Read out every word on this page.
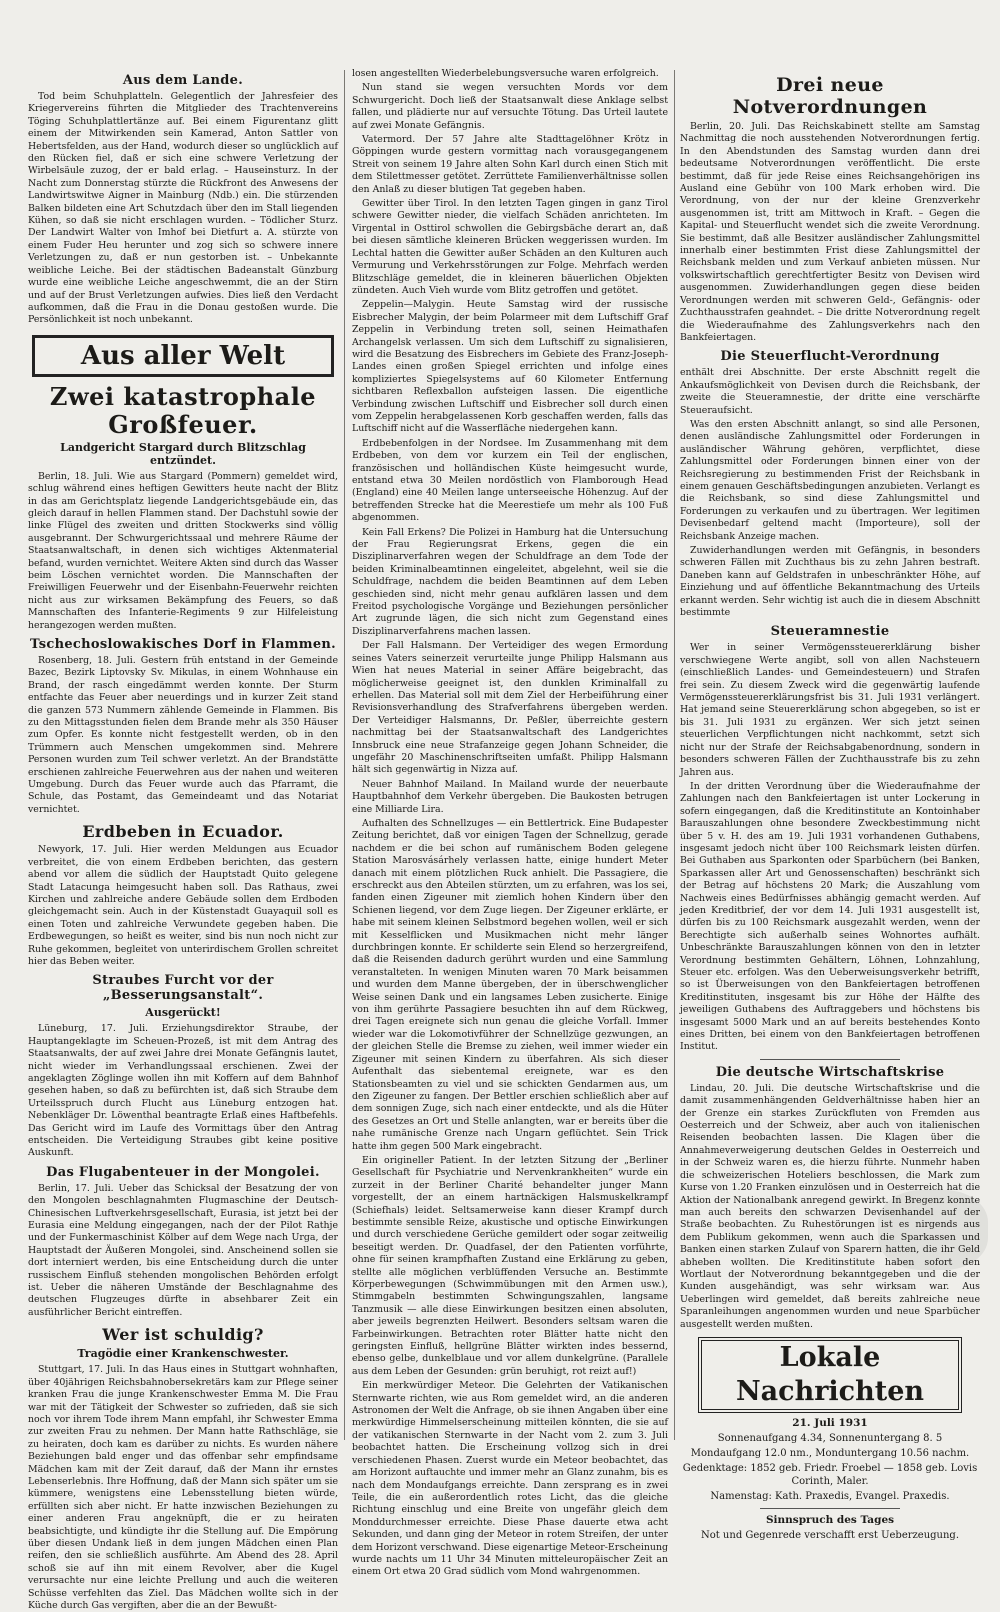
Aus dem Lande.

Tod beim Schuhplatteln. Gelegentlich der Jahresfeier des Kriegervereins führten die Mitglieder des Trachtenvereins Töging Schuhplattlertänze auf. Bei einem Figurentanz glitt einem der Mitwirkenden sein Kamerad, Anton Sattler von Hebertsfelden, aus der Hand, wodurch dieser so unglücklich auf den Rücken fiel, daß er sich eine schwere Verletzung der Wirbelsäule zuzog, der er bald erlag. – Hauseinsturz. In der Nacht zum Donnerstag stürzte die Rückfront des Anwesens der Landwirtswitwe Aigner in Mainburg (Ndb.) ein. Die stürzenden Balken bildeten eine Art Schutzdach über den im Stall liegenden Kühen, so daß sie nicht erschlagen wurden. – Tödlicher Sturz. Der Landwirt Walter von Imhof bei Dietfurt a. A. stürzte von einem Fuder Heu herunter und zog sich so schwere innere Verletzungen zu, daß er nun gestorben ist. – Unbekannte weibliche Leiche. Bei der städtischen Badeanstalt Günzburg wurde eine weibliche Leiche angeschwemmt, die an der Stirn und auf der Brust Verletzungen aufwies. Dies ließ den Verdacht aufkommen, daß die Frau in die Donau gestoßen wurde. Die Persönlichkeit ist noch unbekannt.

Aus aller Welt
Zwei katastrophale Großfeuer.
Landgericht Stargard durch Blitzschlag entzündet.

Berlin, 18. Juli. Wie aus Stargard (Pommern) gemeldet wird, schlug während eines heftigen Gewitters heute nacht der Blitz in das am Gerichtsplatz liegende Landgerichtsgebäude ein, das gleich darauf in hellen Flammen stand. Der Dachstuhl sowie der linke Flügel des zweiten und dritten Stockwerks sind völlig ausgebrannt. Der Schwurgerichtssaal und mehrere Räume der Staatsanwaltschaft, in denen sich wichtiges Aktenmaterial befand, wurden vernichtet. Weitere Akten sind durch das Wasser beim Löschen vernichtet worden. Die Mannschaften der Freiwilligen Feuerwehr und der Eisenbahn-Feuerwehr reichten nicht aus zur wirksamen Bekämpfung des Feuers, so daß Mannschaften des Infanterie-Regiments 9 zur Hilfeleistung herangezogen werden mußten.

Tschechoslowakisches Dorf in Flammen.

Rosenberg, 18. Juli. Gestern früh entstand in der Gemeinde Bazec, Bezirk Liptovsky Sv. Mikulas, in einem Wohnhause ein Brand, der rasch eingedämmt werden konnte. Der Sturm entfachte das Feuer aber neuerdings und in kurzer Zeit stand die ganzen 573 Nummern zählende Gemeinde in Flammen. Bis zu den Mittagsstunden fielen dem Brande mehr als 350 Häuser zum Opfer. Es konnte nicht festgestellt werden, ob in den Trümmern auch Menschen umgekommen sind. Mehrere Personen wurden zum Teil schwer verletzt. An der Brandstätte erschienen zahlreiche Feuerwehren aus der nahen und weiteren Umgebung. Durch das Feuer wurde auch das Pfarramt, die Schule, das Postamt, das Gemeindeamt und das Notariat vernichtet.

Erdbeben in Ecuador.

Newyork, 17. Juli. Hier werden Meldungen aus Ecuador verbreitet, die von einem Erdbeben berichten, das gestern abend vor allem die südlich der Hauptstadt Quito gelegene Stadt Latacunga heimgesucht haben soll. Das Rathaus, zwei Kirchen und zahlreiche andere Gebäude sollen dem Erdboden gleichgemacht sein. Auch in der Küstenstadt Guayaquil soll es einen Toten und zahlreiche Verwundete gegeben haben. Die Erdbewegungen, so heißt es weiter, sind bis nun noch nicht zur Ruhe gekommen, begleitet von unterirdischem Grollen schreitet hier das Beben weiter.

Straubes Furcht vor der „Besserungsanstalt“.
Ausgerückt!

Lüneburg, 17. Juli. Erziehungsdirektor Straube, der Hauptangeklagte im Scheuen-Prozeß, ist mit dem Antrag des Staatsanwalts, der auf zwei Jahre drei Monate Gefängnis lautet, nicht wieder im Verhandlungssaal erschienen. Zwei der angeklagten Zöglinge wollen ihn mit Koffern auf dem Bahnhof gesehen haben, so daß zu befürchten ist, daß sich Straube dem Urteilsspruch durch Flucht aus Lüneburg entzogen hat. Nebenkläger Dr. Löwenthal beantragte Erlaß eines Haftbefehls. Das Gericht wird im Laufe des Vormittags über den Antrag entscheiden. Die Verteidigung Straubes gibt keine positive Auskunft.

Das Flugabenteuer in der Mongolei.

Berlin, 17. Juli. Ueber das Schicksal der Besatzung der von den Mongolen beschlagnahmten Flugmaschine der Deutsch-Chinesischen Luftverkehrsgesellschaft, Eurasia, ist jetzt bei der Eurasia eine Meldung eingegangen, nach der der Pilot Rathje und der Funkermaschinist Kölber auf dem Wege nach Urga, der Hauptstadt der Äußeren Mongolei, sind. Anscheinend sollen sie dort interniert werden, bis eine Entscheidung durch die unter russischem Einfluß stehenden mongolischen Behörden erfolgt ist. Ueber die näheren Umstände der Beschlagnahme des deutschen Flugzeuges dürfte in absehbarer Zeit ein ausführlicher Bericht eintreffen.

Wer ist schuldig?
Tragödie einer Krankenschwester.

Stuttgart, 17. Juli. In das Haus eines in Stuttgart wohnhaften, über 40jährigen Reichsbahnobersekretärs kam zur Pflege seiner kranken Frau die junge Krankenschwester Emma M. Die Frau war mit der Tätigkeit der Schwester so zufrieden, daß sie sich noch vor ihrem Tode ihrem Mann empfahl, ihr Schwester Emma zur zweiten Frau zu nehmen. Der Mann hatte Rathschläge, sie zu heiraten, doch kam es darüber zu nichts. Es wurden nähere Beziehungen bald enger und das offenbar sehr empfindsame Mädchen kam mit der Zeit darauf, daß der Mann ihr ernstes Lebenserlebnis. Ihre Hoffnung, daß der Mann sich später um sie kümmere, wenigstens eine Lebensstellung bieten würde, erfüllten sich aber nicht. Er hatte inzwischen Beziehungen zu einer anderen Frau angeknüpft, die er zu heiraten beabsichtigte, und kündigte ihr die Stellung auf. Die Empörung über diesen Undank ließ in dem jungen Mädchen einen Plan reifen, den sie schließlich ausführte. Am Abend des 28. April schoß sie auf ihn mit einem Revolver, aber die Kugel verursachte nur eine leichte Prellung und auch die weiteren Schüsse verfehlten das Ziel. Das Mädchen wollte sich in der Küche durch Gas vergiften, aber die an der Bewußt-

losen angestellten Wiederbelebungsversuche waren erfolgreich.

Nun stand sie wegen versuchten Mords vor dem Schwurgericht. Doch ließ der Staatsanwalt diese Anklage selbst fallen, und plädierte nur auf versuchte Tötung. Das Urteil lautete auf zwei Monate Gefängnis.

Vatermord. Der 57 Jahre alte Stadttagelöhner Krötz in Göppingen wurde gestern vormittag nach vorausgegangenem Streit von seinem 19 Jahre alten Sohn Karl durch einen Stich mit dem Stilettmesser getötet. Zerrüttete Familienverhältnisse sollen den Anlaß zu dieser blutigen Tat gegeben haben.

Gewitter über Tirol. In den letzten Tagen gingen in ganz Tirol schwere Gewitter nieder, die vielfach Schäden anrichteten. Im Virgental in Osttirol schwollen die Gebirgsbäche derart an, daß bei diesen sämtliche kleineren Brücken weggerissen wurden. Im Lechtal hatten die Gewitter außer Schäden an den Kulturen auch Vermurung und Verkehrsstörungen zur Folge. Mehrfach werden Blitzschläge gemeldet, die in kleineren bäuerlichen Objekten zündeten. Auch Vieh wurde vom Blitz getroffen und getötet.

Zeppelin—Malygin. Heute Samstag wird der russische Eisbrecher Malygin, der beim Polarmeer mit dem Luftschiff Graf Zeppelin in Verbindung treten soll, seinen Heimathafen Archangelsk verlassen. Um sich dem Luftschiff zu signalisieren, wird die Besatzung des Eisbrechers im Gebiete des Franz-Joseph-Landes einen großen Spiegel errichten und infolge eines kompliziertes Spiegelsystems auf 60 Kilometer Entfernung sichtbaren Reflexballon aufsteigen lassen. Die eigentliche Verbindung zwischen Luftschiff und Eisbrecher soll durch einen vom Zeppelin herabgelassenen Korb geschaffen werden, falls das Luftschiff nicht auf die Wasserfläche niedergehen kann.

Erdbebenfolgen in der Nordsee. Im Zusammenhang mit dem Erdbeben, von dem vor kurzem ein Teil der englischen, französischen und holländischen Küste heimgesucht wurde, entstand etwa 30 Meilen nordöstlich von Flamborough Head (England) eine 40 Meilen lange unterseeische Höhenzug. Auf der betreffenden Strecke hat die Meerestiefe um mehr als 100 Fuß abgenommen.

Kein Fall Erkens? Die Polizei in Hamburg hat die Untersuchung der Frau Regierungsrat Erkens, gegen die ein Disziplinarverfahren wegen der Schuldfrage an dem Tode der beiden Kriminalbeamtinnen eingeleitet, abgelehnt, weil sie die Schuldfrage, nachdem die beiden Beamtinnen auf dem Leben geschieden sind, nicht mehr genau aufklären lassen und dem Freitod psychologische Vorgänge und Beziehungen persönlicher Art zugrunde lägen, die sich nicht zum Gegenstand eines Disziplinarverfahrens machen lassen.

Der Fall Halsmann. Der Verteidiger des wegen Ermordung seines Vaters seinerzeit verurteilte junge Philipp Halsmann aus Wien hat neues Material in seiner Affäre beigebracht, das möglicherweise geeignet ist, den dunklen Kriminalfall zu erhellen. Das Material soll mit dem Ziel der Herbeiführung einer Revisionsverhandlung des Strafverfahrens übergeben werden. Der Verteidiger Halsmanns, Dr. Peßler, überreichte gestern nachmittag bei der Staatsanwaltschaft des Landgerichtes Innsbruck eine neue Strafanzeige gegen Johann Schneider, die ungefähr 20 Maschinenschriftseiten umfaßt. Philipp Halsmann hält sich gegenwärtig in Nizza auf.

Neuer Bahnhof Mailand. In Mailand wurde der neuerbaute Hauptbahnhof dem Verkehr übergeben. Die Baukosten betrugen eine Milliarde Lira.

Aufhalten des Schnellzuges — ein Bettlertrick. Eine Budapester Zeitung berichtet, daß vor einigen Tagen der Schnellzug, gerade nachdem er die bei schon auf rumänischem Boden gelegene Station Marosvásárhely verlassen hatte, einige hundert Meter danach mit einem plötzlichen Ruck anhielt. Die Passagiere, die erschreckt aus den Abteilen stürzten, um zu erfahren, was los sei, fanden einen Zigeuner mit ziemlich hohen Kindern über den Schienen liegend, vor dem Zuge liegen. Der Zigeuner erklärte, er habe mit seinem kleinen Selbstmord begehen wollen, weil er sich mit Kesselflicken und Musikmachen nicht mehr länger durchbringen konnte. Er schilderte sein Elend so herzergreifend, daß die Reisenden dadurch gerührt wurden und eine Sammlung veranstalteten. In wenigen Minuten waren 70 Mark beisammen und wurden dem Manne übergeben, der in überschwenglicher Weise seinen Dank und ein langsames Leben zusicherte. Einige von ihm gerührte Passagiere besuchten ihn auf dem Rückweg, drei Tagen ereignete sich nun genau die gleiche Vorfall. Immer wieder war die Lokomotivführer der Schnellzüge gezwungen, an der gleichen Stelle die Bremse zu ziehen, weil immer wieder ein Zigeuner mit seinen Kindern zu überfahren. Als sich dieser Aufenthalt das siebentemal ereignete, war es den Stationsbeamten zu viel und sie schickten Gendarmen aus, um den Zigeuner zu fangen. Der Bettler erschien schließlich aber auf dem sonnigen Zuge, sich nach einer entdeckte, und als die Hüter des Gesetzes an Ort und Stelle anlangten, war er bereits über die nahe rumänische Grenze nach Ungarn geflüchtet. Sein Trick hatte ihm gegen 500 Mark eingebracht.

Ein origineller Patient. In der letzten Sitzung der „Berliner Gesellschaft für Psychiatrie und Nervenkrankheiten“ wurde ein zurzeit in der Berliner Charité behandelter junger Mann vorgestellt, der an einem hartnäckigen Halsmuskelkrampf (Schiefhals) leidet. Seltsamerweise kann dieser Krampf durch bestimmte sensible Reize, akustische und optische Einwirkungen und durch verschiedene Gerüche gemildert oder sogar zeitweilig beseitigt werden. Dr. Quadfasel, der den Patienten vorführte, ohne für seinen krampfhaften Zustand eine Erklärung zu geben, stellte alle möglichen verblüffenden Versuche an. Bestimmte Körperbewegungen (Schwimmübungen mit den Armen usw.), Stimmgabeln bestimmten Schwingungszahlen, langsame Tanzmusik — alle diese Einwirkungen besitzen einen absoluten, aber jeweils begrenzten Heilwert. Besonders seltsam waren die Farbeinwirkungen. Betrachten roter Blätter hatte nicht den geringsten Einfluß, hellgrüne Blätter wirkten indes bessernd, ebenso gelbe, dunkelblaue und vor allem dunkelgrüne. (Parallele aus dem Leben der Gesunden: grün beruhigt, rot reizt auf!)

Ein merkwürdiger Meteor. Die Gelehrten der Vatikanischen Sternwarte richten, wie aus Rom gemeldet wird, an die anderen Astronomen der Welt die Anfrage, ob sie ihnen Angaben über eine merkwürdige Himmelserscheinung mitteilen könnten, die sie auf der vatikanischen Sternwarte in der Nacht vom 2. zum 3. Juli beobachtet hatten. Die Erscheinung vollzog sich in drei verschiedenen Phasen. Zuerst wurde ein Meteor beobachtet, das am Horizont auftauchte und immer mehr an Glanz zunahm, bis es nach dem Mondaufgangs erreichte. Dann zersprang es in zwei Teile, die ein außerordentlich rotes Licht, das die gleiche Richtung einschlug und eine Breite von ungefähr gleich dem Monddurchmesser erreichte. Diese Phase dauerte etwa acht Sekunden, und dann ging der Meteor in rotem Streifen, der unter dem Horizont verschwand. Diese eigenartige Meteor-Erscheinung wurde nachts um 11 Uhr 34 Minuten mitteleuropäischer Zeit an einem Ort etwa 20 Grad südlich vom Mond wahrgenommen.

Drei neue Notverordnungen

Berlin, 20. Juli. Das Reichskabinett stellte am Samstag Nachmittag die noch ausstehenden Notverordnungen fertig. In den Abendstunden des Samstag wurden dann drei bedeutsame Notverordnungen veröffentlicht. Die erste bestimmt, daß für jede Reise eines Reichsangehörigen ins Ausland eine Gebühr von 100 Mark erhoben wird. Die Verordnung, von der nur der kleine Grenzverkehr ausgenommen ist, tritt am Mittwoch in Kraft. – Gegen die Kapital- und Steuerflucht wendet sich die zweite Verordnung. Sie bestimmt, daß alle Besitzer ausländischer Zahlungsmittel innerhalb einer bestimmten Frist diese Zahlungsmittel der Reichsbank melden und zum Verkauf anbieten müssen. Nur volkswirtschaftlich gerechtfertigter Besitz von Devisen wird ausgenommen. Zuwiderhandlungen gegen diese beiden Verordnungen werden mit schweren Geld-, Gefängnis- oder Zuchthausstrafen geahndet. – Die dritte Notverordnung regelt die Wiederaufnahme des Zahlungsverkehrs nach den Bankfeiertagen.

Die Steuerflucht-Verordnung

enthält drei Abschnitte. Der erste Abschnitt regelt die Ankaufsmöglichkeit von Devisen durch die Reichsbank, der zweite die Steueramnestie, der dritte eine verschärfte Steueraufsicht.

Was den ersten Abschnitt anlangt, so sind alle Personen, denen ausländische Zahlungsmittel oder Forderungen in ausländischer Währung gehören, verpflichtet, diese Zahlungsmittel oder Forderungen binnen einer von der Reichsregierung zu bestimmenden Frist der Reichsbank in einem genauen Geschäftsbedingungen anzubieten. Verlangt es die Reichsbank, so sind diese Zahlungsmittel und Forderungen zu verkaufen und zu übertragen. Wer legitimen Devisenbedarf geltend macht (Importeure), soll der Reichsbank Anzeige machen.

Zuwiderhandlungen werden mit Gefängnis, in besonders schweren Fällen mit Zuchthaus bis zu zehn Jahren bestraft. Daneben kann auf Geldstrafen in unbeschränkter Höhe, auf Einziehung und auf öffentliche Bekanntmachung des Urteils erkannt werden. Sehr wichtig ist auch die in diesem Abschnitt bestimmte

Steueramnestie

Wer in seiner Vermögenssteuererklärung bisher verschwiegene Werte angibt, soll von allen Nachsteuern (einschließlich Landes- und Gemeindesteuern) und Strafen frei sein. Zu diesem Zweck wird die gegenwärtig laufende Vermögenssteuererklärungsfrist bis 31. Juli 1931 verlängert. Hat jemand seine Steuererklärung schon abgegeben, so ist er bis 31. Juli 1931 zu ergänzen. Wer sich jetzt seinen steuerlichen Verpflichtungen nicht nachkommt, setzt sich nicht nur der Strafe der Reichsabgabenordnung, sondern in besonders schweren Fällen der Zuchthausstrafe bis zu zehn Jahren aus.

In der dritten Verordnung über die Wiederaufnahme der Zahlungen nach den Bankfeiertagen ist unter Lockerung in sofern eingegangen, daß die Kreditinstitute an Kontoinhaber Barauszahlungen ohne besondere Zweckbestimmung nicht über 5 v. H. des am 19. Juli 1931 vorhandenen Guthabens, insgesamt jedoch nicht über 100 Reichsmark leisten dürfen. Bei Guthaben aus Sparkonten oder Sparbüchern (bei Banken, Sparkassen aller Art und Genossenschaften) beschränkt sich der Betrag auf höchstens 20 Mark; die Auszahlung vom Nachweis eines Bedürfnisses abhängig gemacht werden. Auf jeden Kreditbrief, der vor dem 14. Juli 1931 ausgestellt ist, dürfen bis zu 100 Reichsmark ausgezahlt werden, wenn der Berechtigte sich außerhalb seines Wohnortes aufhält. Unbeschränkte Barauszahlungen können von den in letzter Verordnung bestimmten Gehältern, Löhnen, Lohnzahlung, Steuer etc. erfolgen. Was den Ueberweisungsverkehr betrifft, so ist Überweisungen von den Bankfeiertagen betroffenen Kreditinstituten, insgesamt bis zur Höhe der Hälfte des jeweiligen Guthabens des Auftraggebers und höchstens bis insgesamt 5000 Mark und an auf bereits bestehendes Konto eines Dritten, bei einem von den Bankfeiertagen betroffenen Institut.

Die deutsche Wirtschaftskrise

Lindau, 20. Juli. Die deutsche Wirtschaftskrise und die damit zusammenhängenden Geldverhältnisse haben hier an der Grenze ein starkes Zurückfluten von Fremden aus Oesterreich und der Schweiz, aber auch von italienischen Reisenden beobachten lassen. Die Klagen über die Annahmeverweigerung deutschen Geldes in Oesterreich und in der Schweiz waren es, die hierzu führte. Nunmehr haben die schweizerischen Hoteliers beschlossen, die Mark zum Kurse von 1.20 Franken einzulösen und in Oesterreich hat die Aktion der Nationalbank anregend gewirkt. In Bregenz konnte man auch bereits den schwarzen Devisenhandel auf der Straße beobachten. Zu Ruhestörungen ist es nirgends aus dem Publikum gekommen, wenn auch die Sparkassen und Banken einen starken Zulauf von Sparern hatten, die ihr Geld abheben wollten. Die Kreditinstitute haben sofort den Wortlaut der Notverordnung bekanntgegeben und die der Kunden ausgehändigt, was sehr wirksam war. Aus Ueberlingen wird gemeldet, daß bereits zahlreiche neue Sparanleihungen angenommen wurden und neue Sparbücher ausgestellt werden mußten.

Lokale Nachrichten
21. Juli 1931
Sonnenaufgang 4.34, Sonnenuntergang 8. 5
Mondaufgang 12.0 nm., Monduntergang 10.56 nachm.
Gedenktage: 1852 geb. Friedr. Froebel — 1858 geb. Lovis Corinth, Maler.
Namenstag: Kath. Praxedis, Evangel. Praxedis.
Sinnspruch des Tages
Not und Gegenrede verschafft erst Ueberzeugung.
